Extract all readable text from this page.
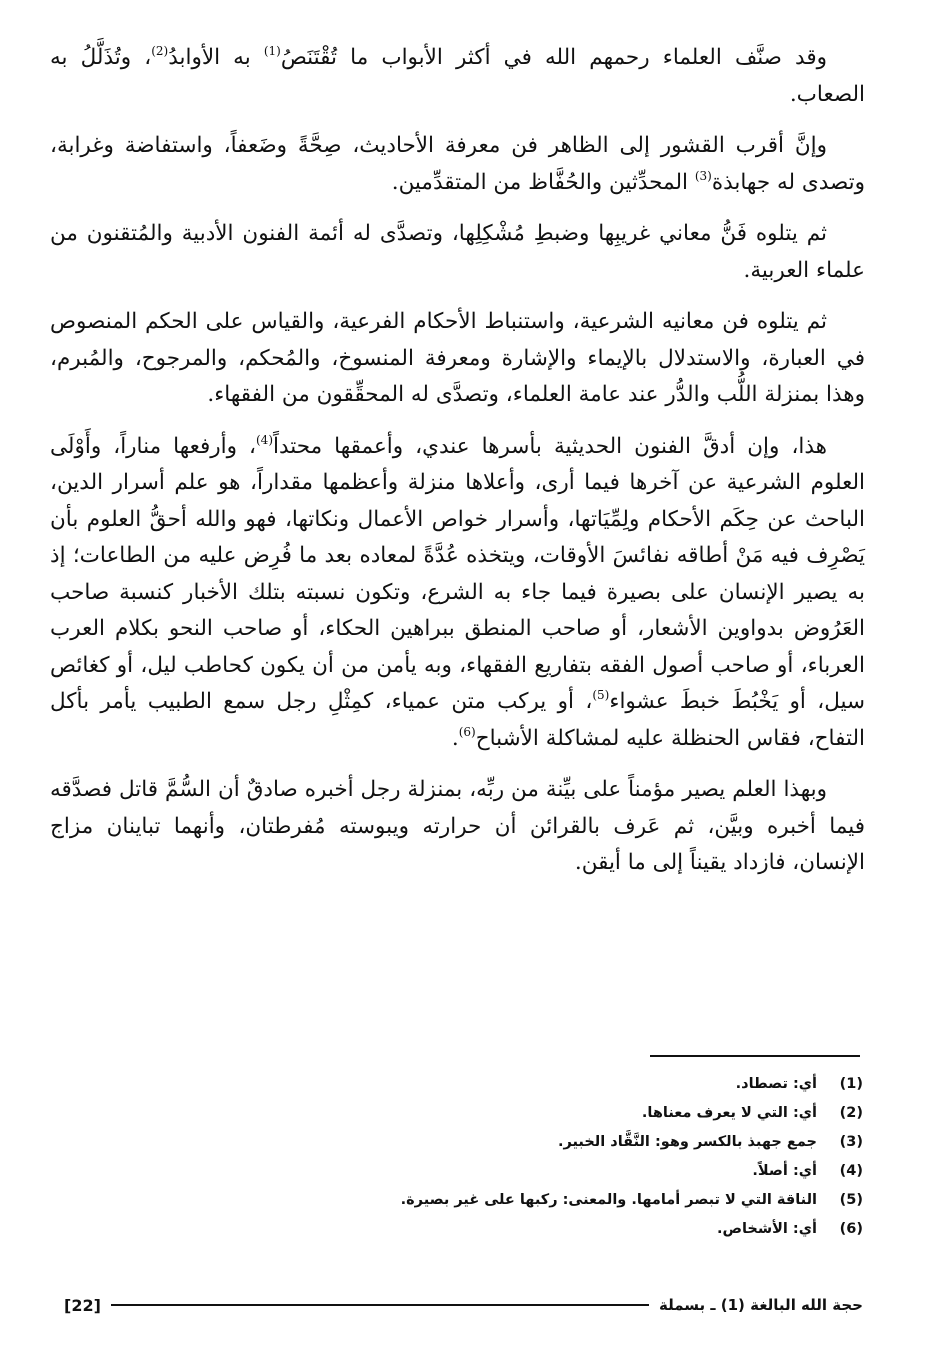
وقد صنَّف العلماء رحمهم الله في أكثر الأبواب ما تُقْتَنَصُ$^{(1)}$ به الأوابدُ$^{(2)}$، وتُذَلَّلُ به الصعاب.

وإنَّ أقرب القشور إلى الظاهر فن معرفة الأحاديث، صِحَّةً وضَعفاً، واستفاضة وغرابة، وتصدى له جهابذة$^{(3)}$ المحدِّثين والحُفَّاظ من المتقدِّمين.

ثم يتلوه فَنُّ معاني غريبِها وضبطِ مُشْكِلِها، وتصدَّى له أئمة الفنون الأدبية والمُتقنون من علماء العربية.

ثم يتلوه فن معانيه الشرعية، واستنباط الأحكام الفرعية، والقياس على الحكم المنصوص في العبارة، والاستدلال بالإيماء والإشارة ومعرفة المنسوخ، والمُحكم، والمرجوح، والمُبرم، وهذا بمنزلة اللُّب والدُّر عند عامة العلماء، وتصدَّى له المحقِّقون من الفقهاء.

هذا، وإن أدقَّ الفنون الحديثية بأسرها عندي، وأعمقها محتداً$^{(4)}$، وأرفعها مناراً، وأَوْلَى العلوم الشرعية عن آخرها فيما أرى، وأعلاها منزلة وأعظمها مقداراً، هو علم أسرار الدين، الباحث عن حِكَم الأحكام ولِمِّيَاتها، وأسرار خواص الأعمال ونكاتها، فهو والله أحقُّ العلوم بأن يَصْرِف فيه مَنْ أطاقه نفائسَ الأوقات، ويتخذه عُدَّةً لمعاده بعد ما فُرِض عليه من الطاعات؛ إذ به يصير الإنسان على بصيرة فيما جاء به الشرع، وتكون نسبته بتلك الأخبار كنسبة صاحب العَرُوض بدواوين الأشعار، أو صاحب المنطق ببراهين الحكاء، أو صاحب النحو بكلام العرب العرباء، أو صاحب أصول الفقه بتفاريع الفقهاء، وبه يأمن من أن يكون كحاطب ليل، أو كغائص سيل، أو يَخْبُطَ خبطَ عشواء$^{(5)}$، أو يركب متن عمياء، كمِثْلِ رجل سمع الطبيب يأمر بأكل التفاح، فقاس الحنظلة عليه لمشاكلة الأشباح$^{(6)}$.

وبهذا العلم يصير مؤمناً على بيِّنة من ربِّه، بمنزلة رجل أخبره صادقٌ أن السُّمَّ قاتل فصدَّقه فيما أخبره وبيَّن، ثم عَرف بالقرائن أن حرارته ويبوسته مُفرطتان، وأنهما تباينان مزاج الإنسان، فازداد يقيناً إلى ما أيقن.

(1)
أي: تصطاد.
(2)
أي: التي لا يعرف معناها.
(3)
جمع جهبذ بالكسر وهو: النَّقَّاد الخبير.
(4)
أي: أصلاً.
(5)
الناقة التي لا تبصر أمامها. والمعنى: ركبها على غير بصيرة.
(6)
أي: الأشخاص.
حجة الله البالغة (1) ـ بسملة
[22]
